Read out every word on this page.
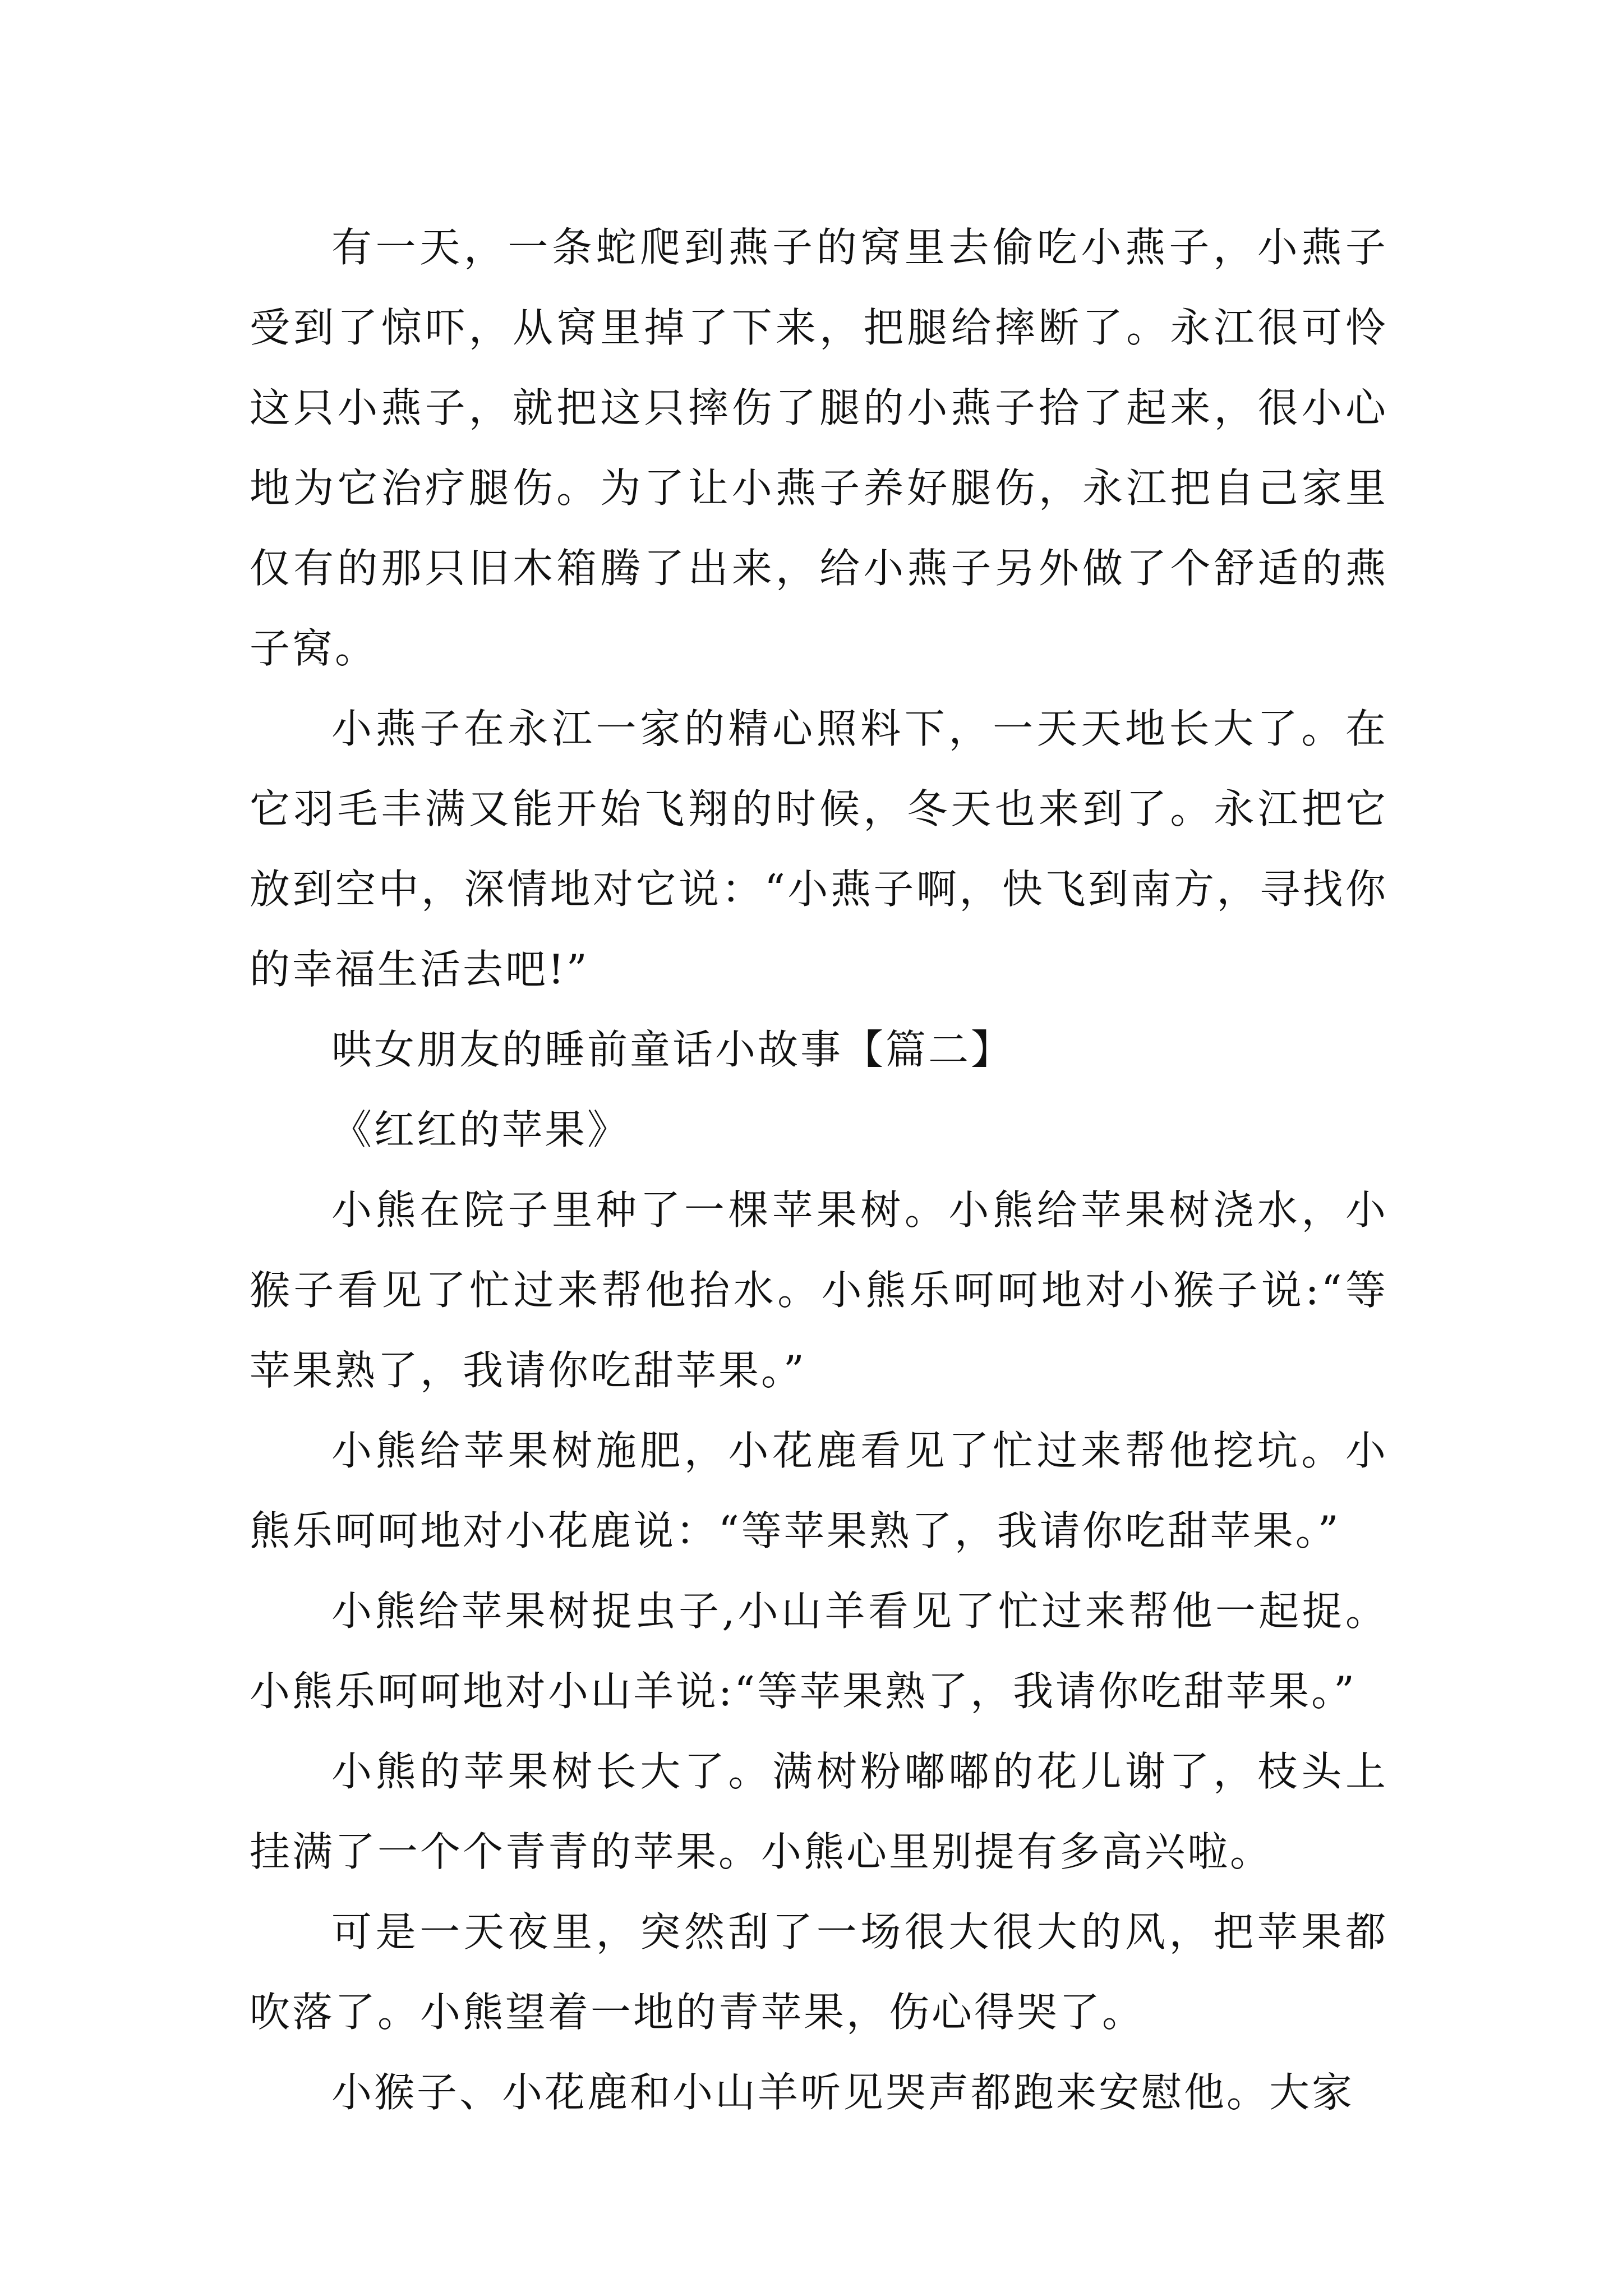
有一天，一条蛇爬到燕子的窝里去偷吃小燕子，小燕子受到了惊吓，从窝里掉了下来，把腿给摔断了。永江很可怜这只小燕子，就把这只摔伤了腿的小燕子拾了起来，很小心地为它治疗腿伤。为了让小燕子养好腿伤，永江把自己家里仅有的那只旧木箱腾了出来，给小燕子另外做了个舒适的燕子窝。

小燕子在永江一家的精心照料下，一天天地长大了。在它羽毛丰满又能开始飞翔的时候，冬天也来到了。永江把它放到空中，深情地对它说：“小燕子啊，快飞到南方，寻找你的幸福生活去吧!”

哄女朋友的睡前童话小故事【篇二】

《红红的苹果》

小熊在院子里种了一棵苹果树。小熊给苹果树浇水，小猴子看见了忙过来帮他抬水。小熊乐呵呵地对小猴子说:“等苹果熟了，我请你吃甜苹果。”

小熊给苹果树施肥，小花鹿看见了忙过来帮他挖坑。小熊乐呵呵地对小花鹿说：“等苹果熟了，我请你吃甜苹果。”

小熊给苹果树捉虫子,小山羊看见了忙过来帮他一起捉。小熊乐呵呵地对小山羊说:“等苹果熟了，我请你吃甜苹果。”

小熊的苹果树长大了。满树粉嘟嘟的花儿谢了，枝头上挂满了一个个青青的苹果。小熊心里别提有多高兴啦。

可是一天夜里，突然刮了一场很大很大的风，把苹果都吹落了。小熊望着一地的青苹果，伤心得哭了。

小猴子、小花鹿和小山羊听见哭声都跑来安慰他。大家
